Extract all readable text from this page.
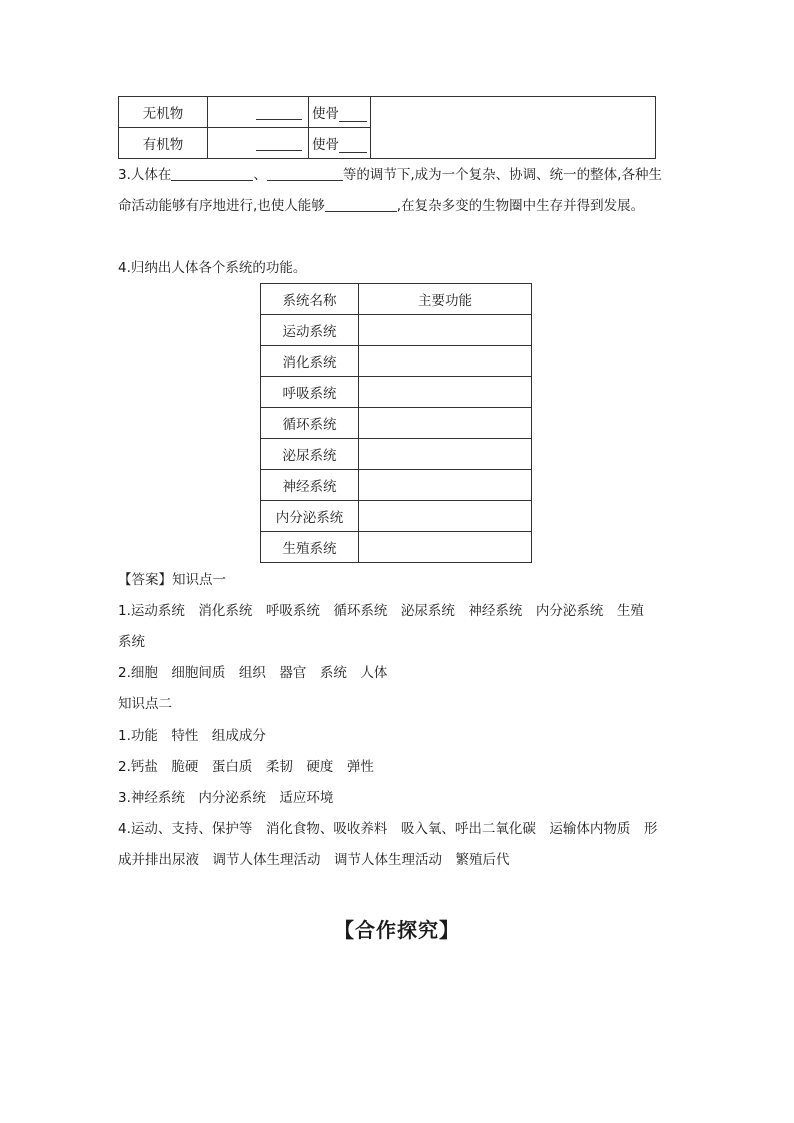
无机物		使骨	
有机物		使骨	
3.人体在	、	等的调节下,成为一个复杂、协调、统一的整体,各种生
命活动能够有序地进行,也使人能够	,在复杂多变的生物圈中生存并得到发展。
4.归纳出人体各个系统的功能。
系统名称	主要功能
运动系统	
消化系统	
呼吸系统	
循环系统	
泌尿系统	
神经系统	
内分泌系统	
生殖系统	
【答案】知识点一
1.运动系统　消化系统　呼吸系统　循环系统　泌尿系统　神经系统　内分泌系统　生殖
系统
2.细胞　细胞间质　组织　器官　系统　人体
知识点二
1.功能　特性　组成成分
2.钙盐　脆硬　蛋白质　柔韧　硬度　弹性
3.神经系统　内分泌系统　适应环境
4.运动、支持、保护等　消化食物、吸收养料　吸入氧、呼出二氧化碳　运输体内物质　形
成并排出尿液　调节人体生理活动　调节人体生理活动　繁殖后代
【合作探究】
